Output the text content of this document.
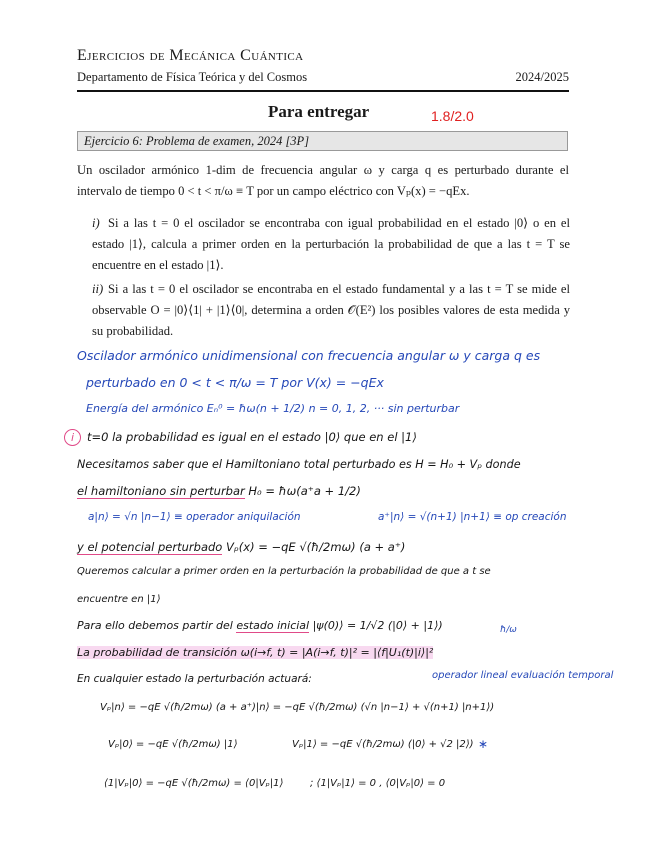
Ejercicios de Mecánica Cuántica
Departamento de Física Teórica y del Cosmos	2024/2025
Para entregar	1.8/2.0
Ejercicio 6: Problema de examen, 2024 [3P]
Un oscilador armónico 1-dim de frecuencia angular ω y carga q es perturbado durante el intervalo de tiempo 0 < t < π/ω ≡ T por un campo eléctrico con Vₚ(x) = −qEx.
i) Si a las t = 0 el oscilador se encontraba con igual probabilidad en el estado |0⟩ o en el estado |1⟩, calcula a primer orden en la perturbación la probabilidad de que a las t = T se encuentre en el estado |1⟩.
ii) Si a las t = 0 el oscilador se encontraba en el estado fundamental y a las t = T se mide el observable O = |0⟩⟨1| + |1⟩⟨0|, determina a orden 𝒪(E²) los posibles valores de esta medida y su probabilidad.
Oscilador armónico unidimensional con frecuencia angular ω y carga q es
perturbado en 0 < t < π/ω = T por V(x) = −qEx
Energía del armónico Eₙ⁰ = ħω(n + 1/2) n = 0, 1, 2, ··· sin perturbar
i t=0 la probabilidad es igual en el estado |0⟩ que en el |1⟩
Necesitamos saber que el Hamiltoniano total perturbado es H = H₀ + Vₚ donde
el hamiltoniano sin perturbar H₀ = ħω(a⁺a + 1/2)
a|n⟩ = √n |n−1⟩ ≡ operador aniquilación	a⁺|n⟩ = √(n+1) |n+1⟩ ≡ op creación
y el potencial perturbado Vₚ(x) = −qE √(ħ/2mω) (a + a⁺)
Queremos calcular a primer orden en la perturbación la probabilidad de que a t se
encuentre en |1⟩
Para ello debemos partir del estado inicial |ψ(0)⟩ = 1/√2 (|0⟩ + |1⟩)	ħ/ω
La probabilidad de transición ω(i→f, t) = |A(i→f, t)|² = |⟨f|U₁(t)|i⟩|²
En cualquier estado la perturbación actuará:	operador lineal evaluación temporal
Vₚ|n⟩ = −qE √(ħ/2mω) (a + a⁺)|n⟩ = −qE √(ħ/2mω) (√n |n−1⟩ + √(n+1) |n+1⟩)
Vₚ|0⟩ = −qE √(ħ/2mω) |1⟩	Vₚ|1⟩ = −qE √(ħ/2mω) (|0⟩ + √2 |2⟩) ∗
⟨1|Vₚ|0⟩ = −qE √(ħ/2mω) = ⟨0|Vₚ|1⟩	; ⟨1|Vₚ|1⟩ = 0 , ⟨0|Vₚ|0⟩ = 0
